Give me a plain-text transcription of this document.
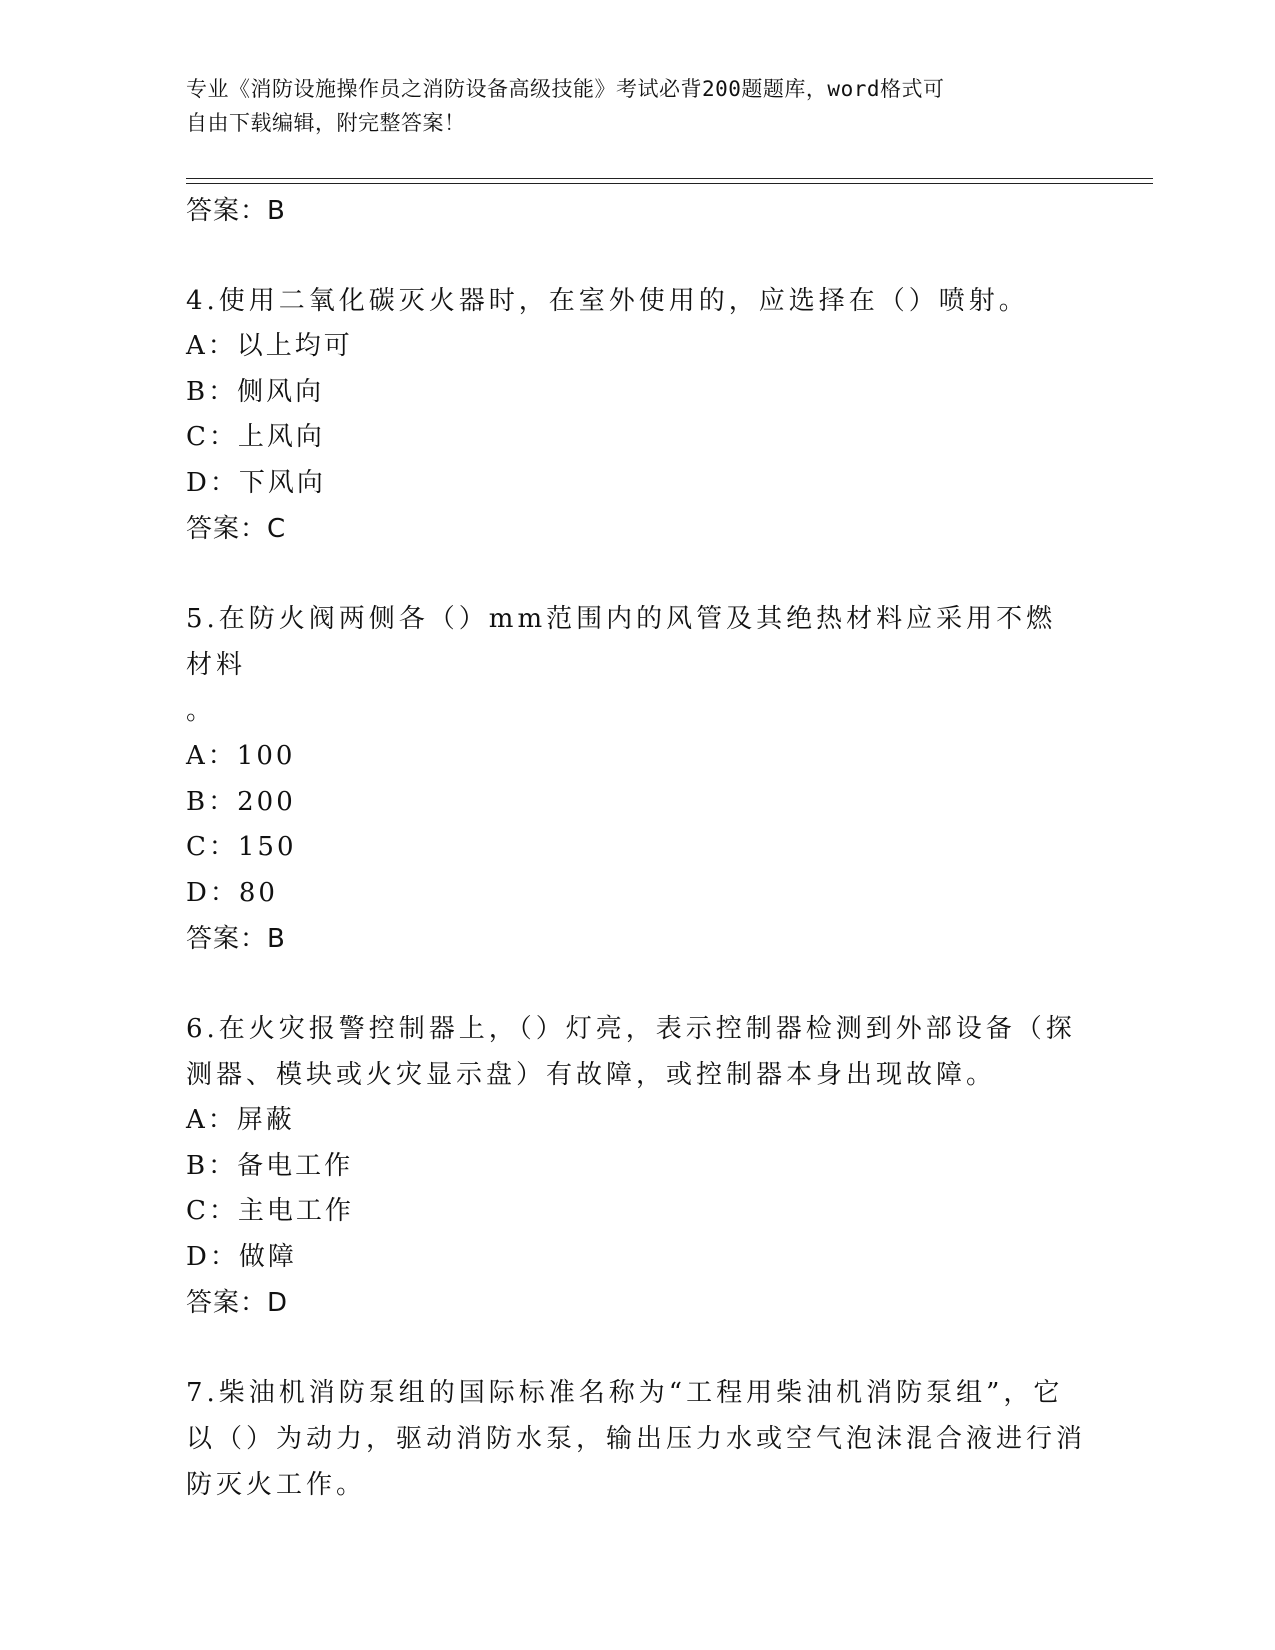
专业《消防设施操作员之消防设备高级技能》考试必背200题题库，word格式可
自由下载编辑，附完整答案！
答案：B
4.使用二氧化碳灭火器时，在室外使用的，应选择在（）喷射。
A：以上均可
B：侧风向
C：上风向
D：下风向
答案：C
5.在防火阀两侧各（）mm范围内的风管及其绝热材料应采用不燃材料
。
A：100
B：200
C：150
D：80
答案：B
6.在火灾报警控制器上，（）灯亮，表示控制器检测到外部设备（探
测器、模块或火灾显示盘）有故障，或控制器本身出现故障。
A：屏蔽
B：备电工作
C：主电工作
D：做障
答案：D
7.柴油机消防泵组的国际标准名称为“工程用柴油机消防泵组”，它
以（）为动力，驱动消防水泵，输出压力水或空气泡沫混合液进行消
防灭火工作。
